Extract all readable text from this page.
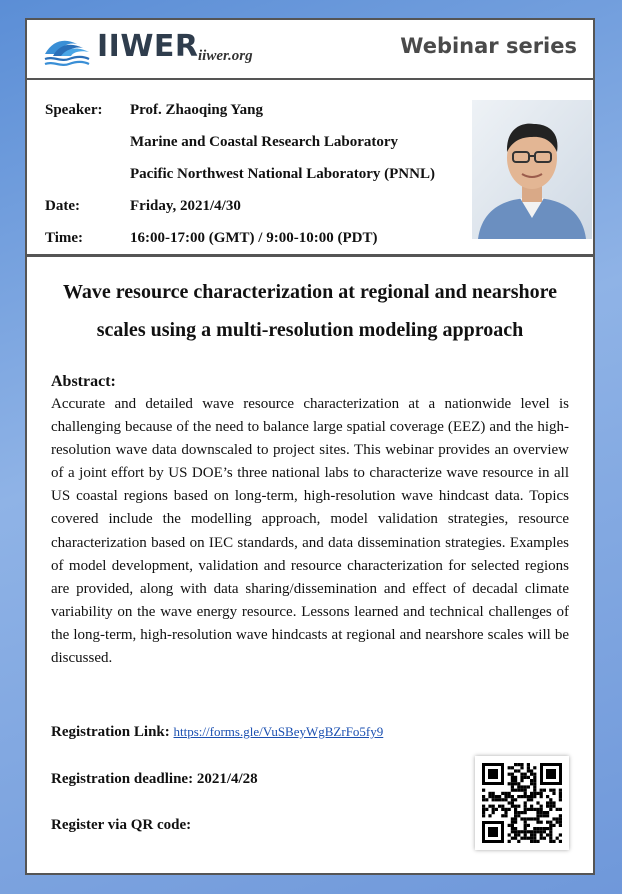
IIWER iiwer.org	Webinar series
Speaker:	Prof. Zhaoqing Yang
Marine and Coastal Research Laboratory
Pacific Northwest National Laboratory (PNNL)
Date:	Friday, 2021/4/30
Time:	16:00-17:00 (GMT) / 9:00-10:00 (PDT)
Wave resource characterization at regional and nearshore scales using a multi-resolution modeling approach
Abstract:
Accurate and detailed wave resource characterization at a nationwide level is challenging because of the need to balance large spatial coverage (EEZ) and the high-resolution wave data downscaled to project sites. This webinar provides an overview of a joint effort by US DOE’s three national labs to characterize wave resource in all US coastal regions based on long-term, high-resolution wave hindcast data. Topics covered include the modelling approach, model validation strategies, resource characterization based on IEC standards, and data dissemination strategies. Examples of model development, validation and resource characterization for selected regions are provided, along with data sharing/dissemination and effect of decadal climate variability on the wave energy resource. Lessons learned and technical challenges of the long-term, high-resolution wave hindcasts at regional and nearshore scales will be discussed.
Registration Link: https://forms.gle/VuSBeyWgBZrFo5fy9
Registration deadline: 2021/4/28
Register via QR code:
